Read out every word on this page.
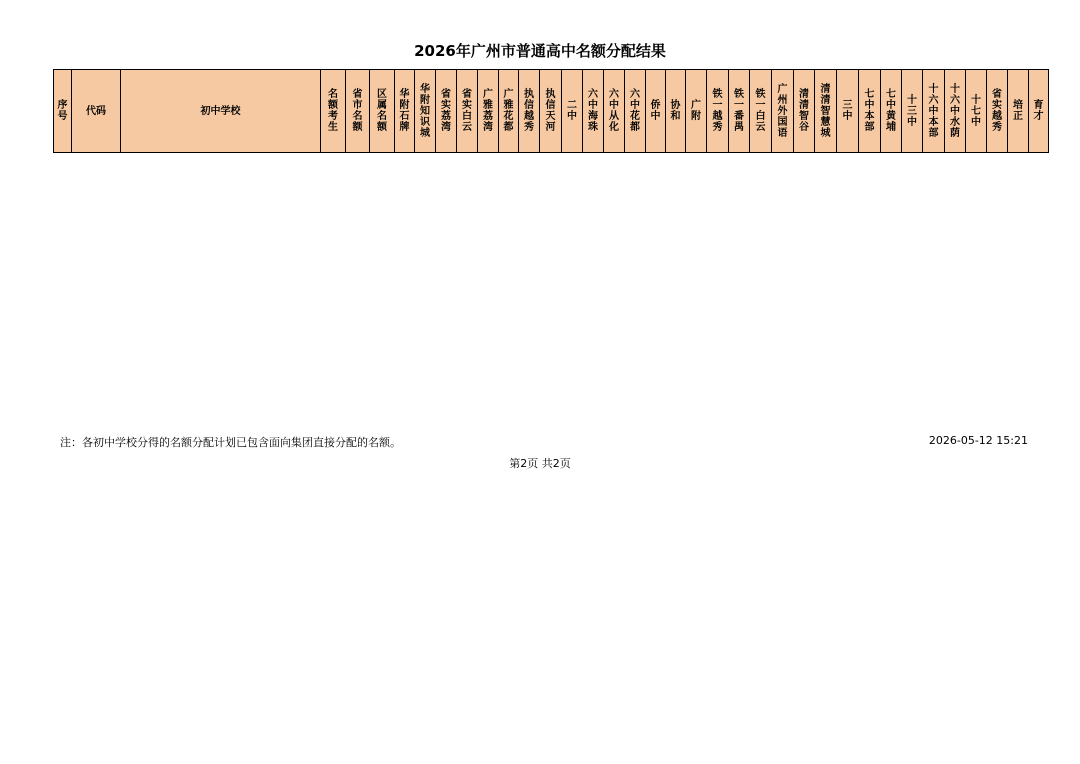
2026年广州市普通高中名额分配结果
序号	代码	初中学校	名额考生	省市名额	区属名额	华附石牌	华附知识城	省实荔湾	省实白云	广雅荔湾	广雅花都	执信越秀	执信天河	二中	六中海珠	六中从化	六中花都	侨中	协和	广附	铁一越秀	铁一番禺	铁一白云	广州外国语	清清智谷	清清智慧城	三中	七中本部	七中黄埔	十三中	十六中本部	十六中水荫	十七中	省实越秀	培正	育才
注：各初中学校分得的名额分配计划已包含面向集团直接分配的名额。	2026-05-12 15:21
第2页 共2页
